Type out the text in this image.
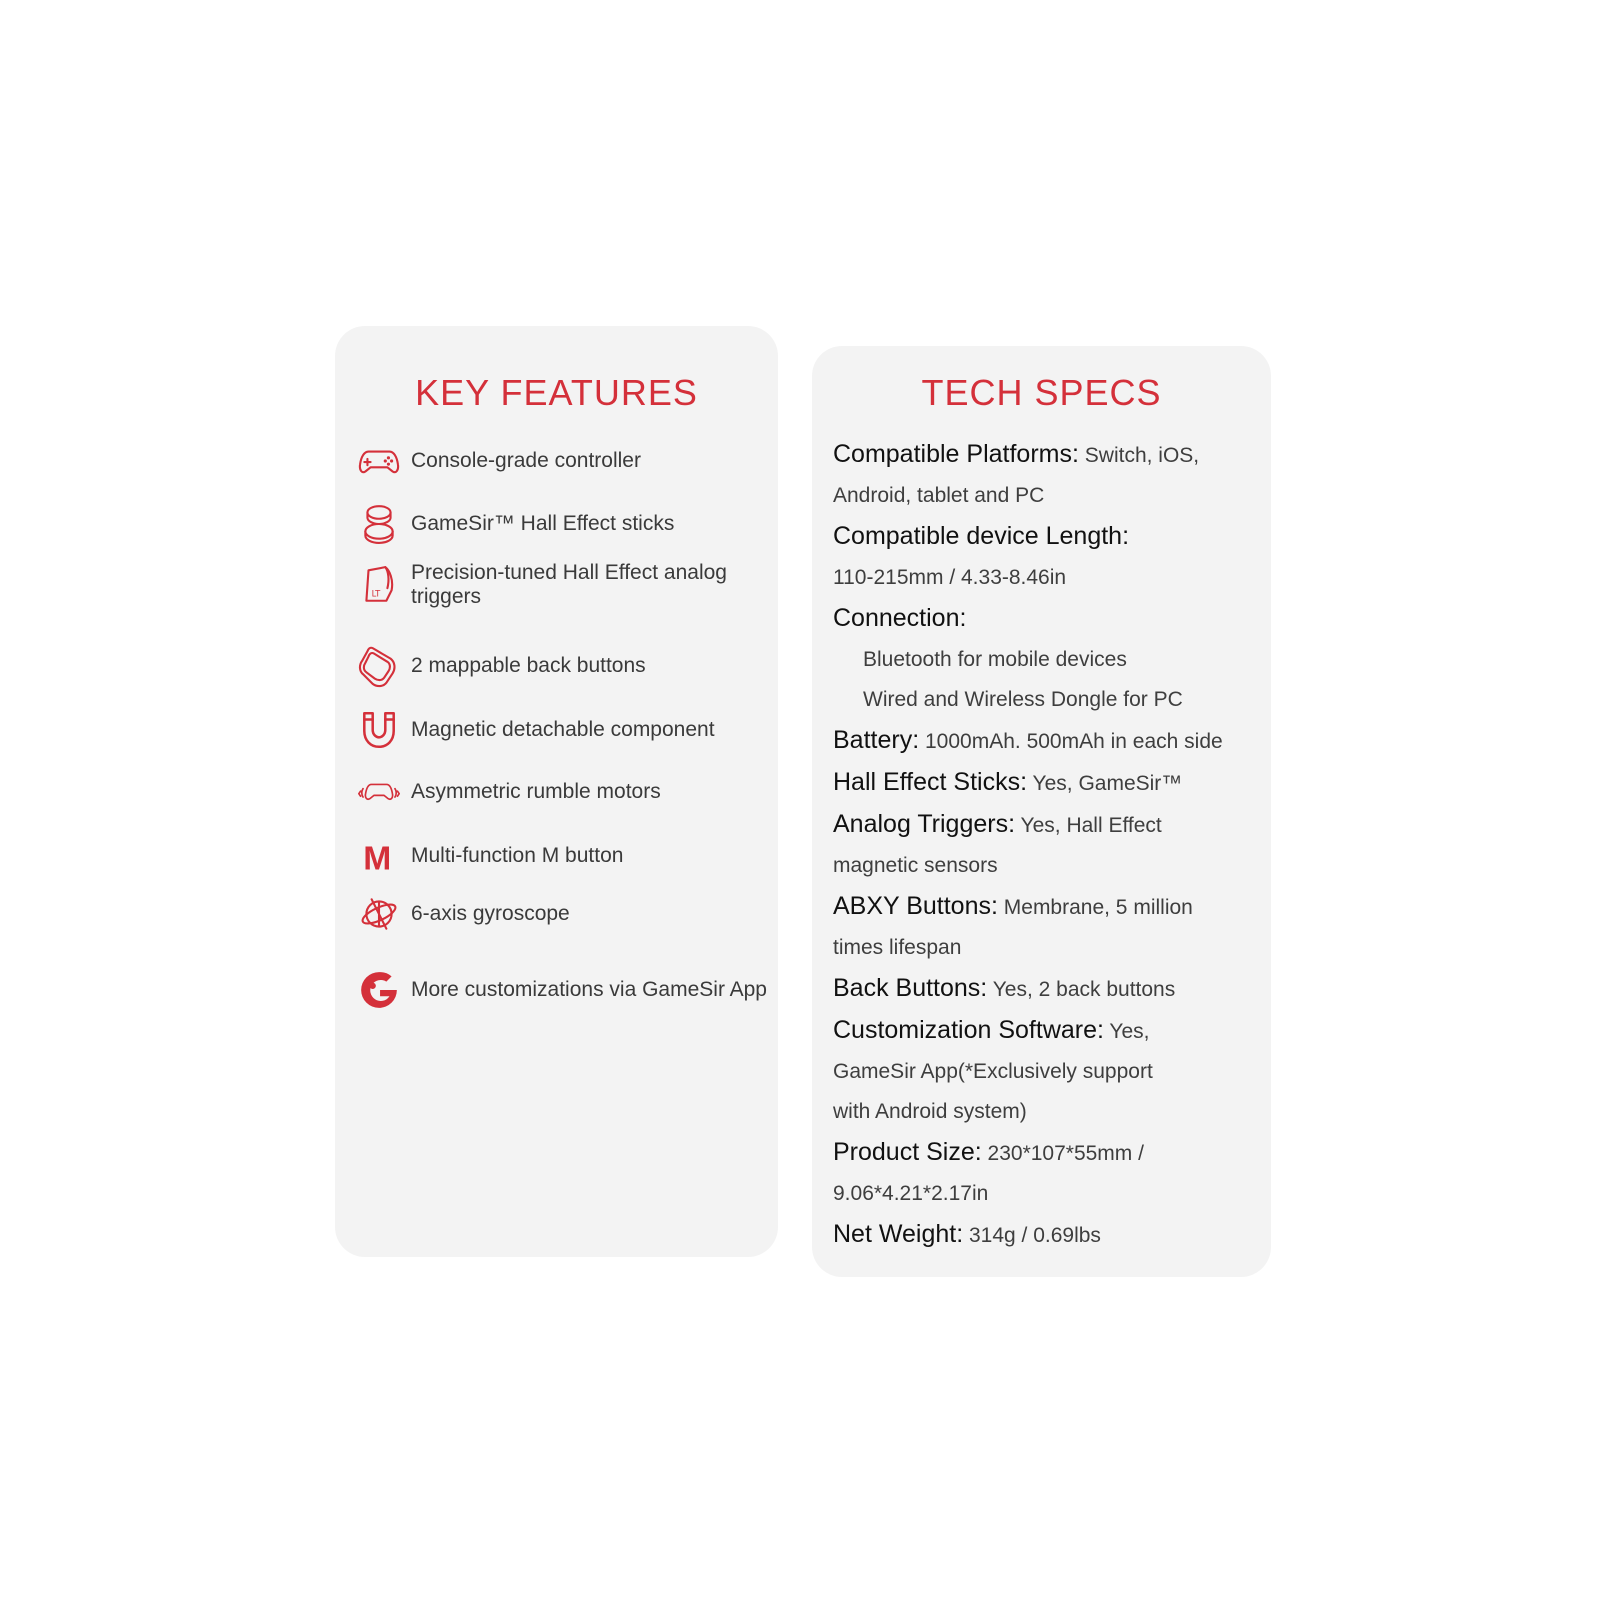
KEY FEATURES
Console-grade controller
GameSir™ Hall Effect sticks
LT
Precision-tuned Hall Effect analog triggers
2 mappable back buttons
Magnetic detachable component
Asymmetric rumble motors
M Multi-function M button
6-axis gyroscope
More customizations via GameSir App
TECH SPECS
Compatible Platforms: Switch, iOS,
Android, tablet and PC
Compatible device Length:
110-215mm / 4.33-8.46in
Connection:
Bluetooth for mobile devices
Wired and Wireless Dongle for PC
Battery: 1000mAh. 500mAh in each side
Hall Effect Sticks: Yes, GameSir™
Analog Triggers: Yes, Hall Effect
magnetic sensors
ABXY Buttons: Membrane, 5 million
times lifespan
Back Buttons: Yes, 2 back buttons
Customization Software: Yes,
GameSir App(*Exclusively support
with Android system)
Product Size: 230*107*55mm /
9.06*4.21*2.17in
Net Weight: 314g / 0.69lbs
